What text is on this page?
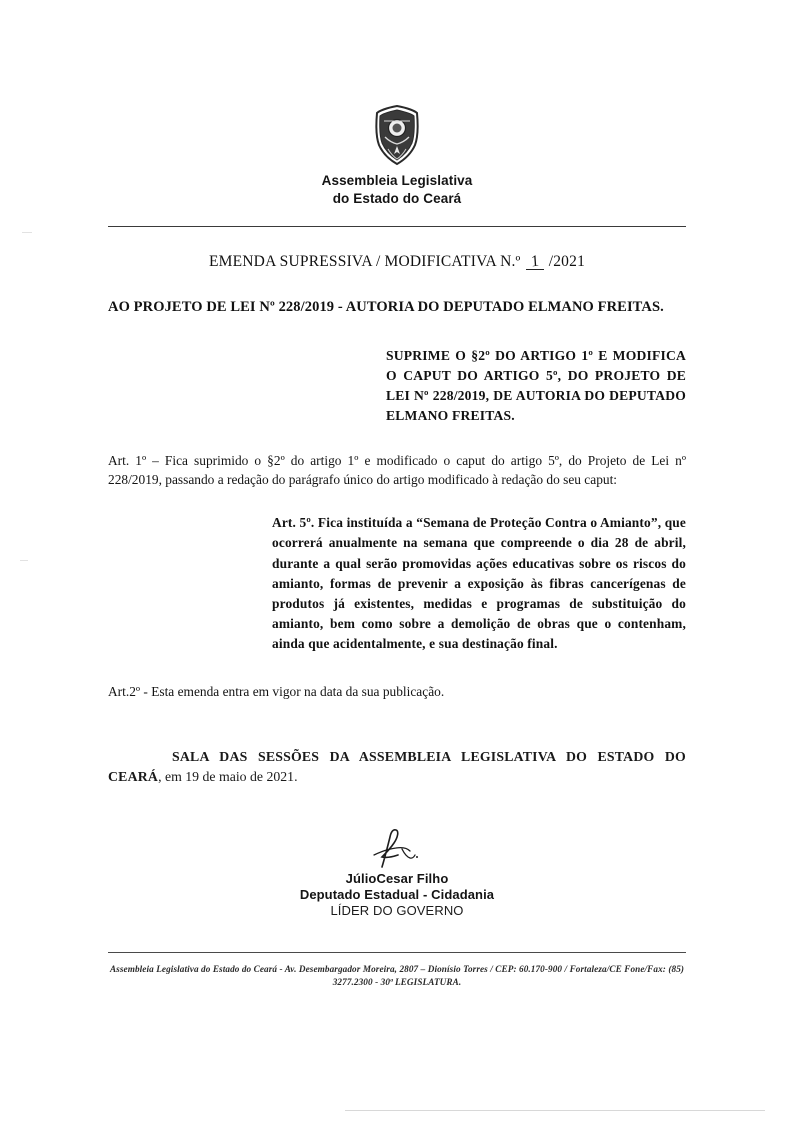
Assembleia Legislativa
do Estado do Ceará
EMENDA SUPRESSIVA / MODIFICATIVA N.º 1 /2021
AO PROJETO DE LEI Nº 228/2019 - AUTORIA DO DEPUTADO ELMANO FREITAS.
SUPRIME O §2º DO ARTIGO 1º E MODIFICA O CAPUT DO ARTIGO 5º, DO PROJETO DE LEI Nº 228/2019, DE AUTORIA DO DEPUTADO ELMANO FREITAS.
Art. 1º – Fica suprimido o §2º do artigo 1º e modificado o caput do artigo 5º, do Projeto de Lei nº 228/2019, passando a redação do parágrafo único do artigo modificado à redação do seu caput:
Art. 5º. Fica instituída a “Semana de Proteção Contra o Amianto”, que ocorrerá anualmente na semana que compreende o dia 28 de abril, durante a qual serão promovidas ações educativas sobre os riscos do amianto, formas de prevenir a exposição às fibras cancerígenas de produtos já existentes, medidas e programas de substituição do amianto, bem como sobre a demolição de obras que o contenham, ainda que acidentalmente, e sua destinação final.
Art.2º - Esta emenda entra em vigor na data da sua publicação.
SALA DAS SESSÕES DA ASSEMBLEIA LEGISLATIVA DO ESTADO DO CEARÁ, em 19 de maio de 2021.
JúlioCesar Filho
Deputado Estadual - Cidadania
LÍDER DO GOVERNO
Assembleia Legislativa do Estado do Ceará - Av. Desembargador Moreira, 2807 – Dionísio Torres / CEP: 60.170-900 / Fortaleza/CE Fone/Fax: (85)
3277.2300 - 30ª LEGISLATURA.
